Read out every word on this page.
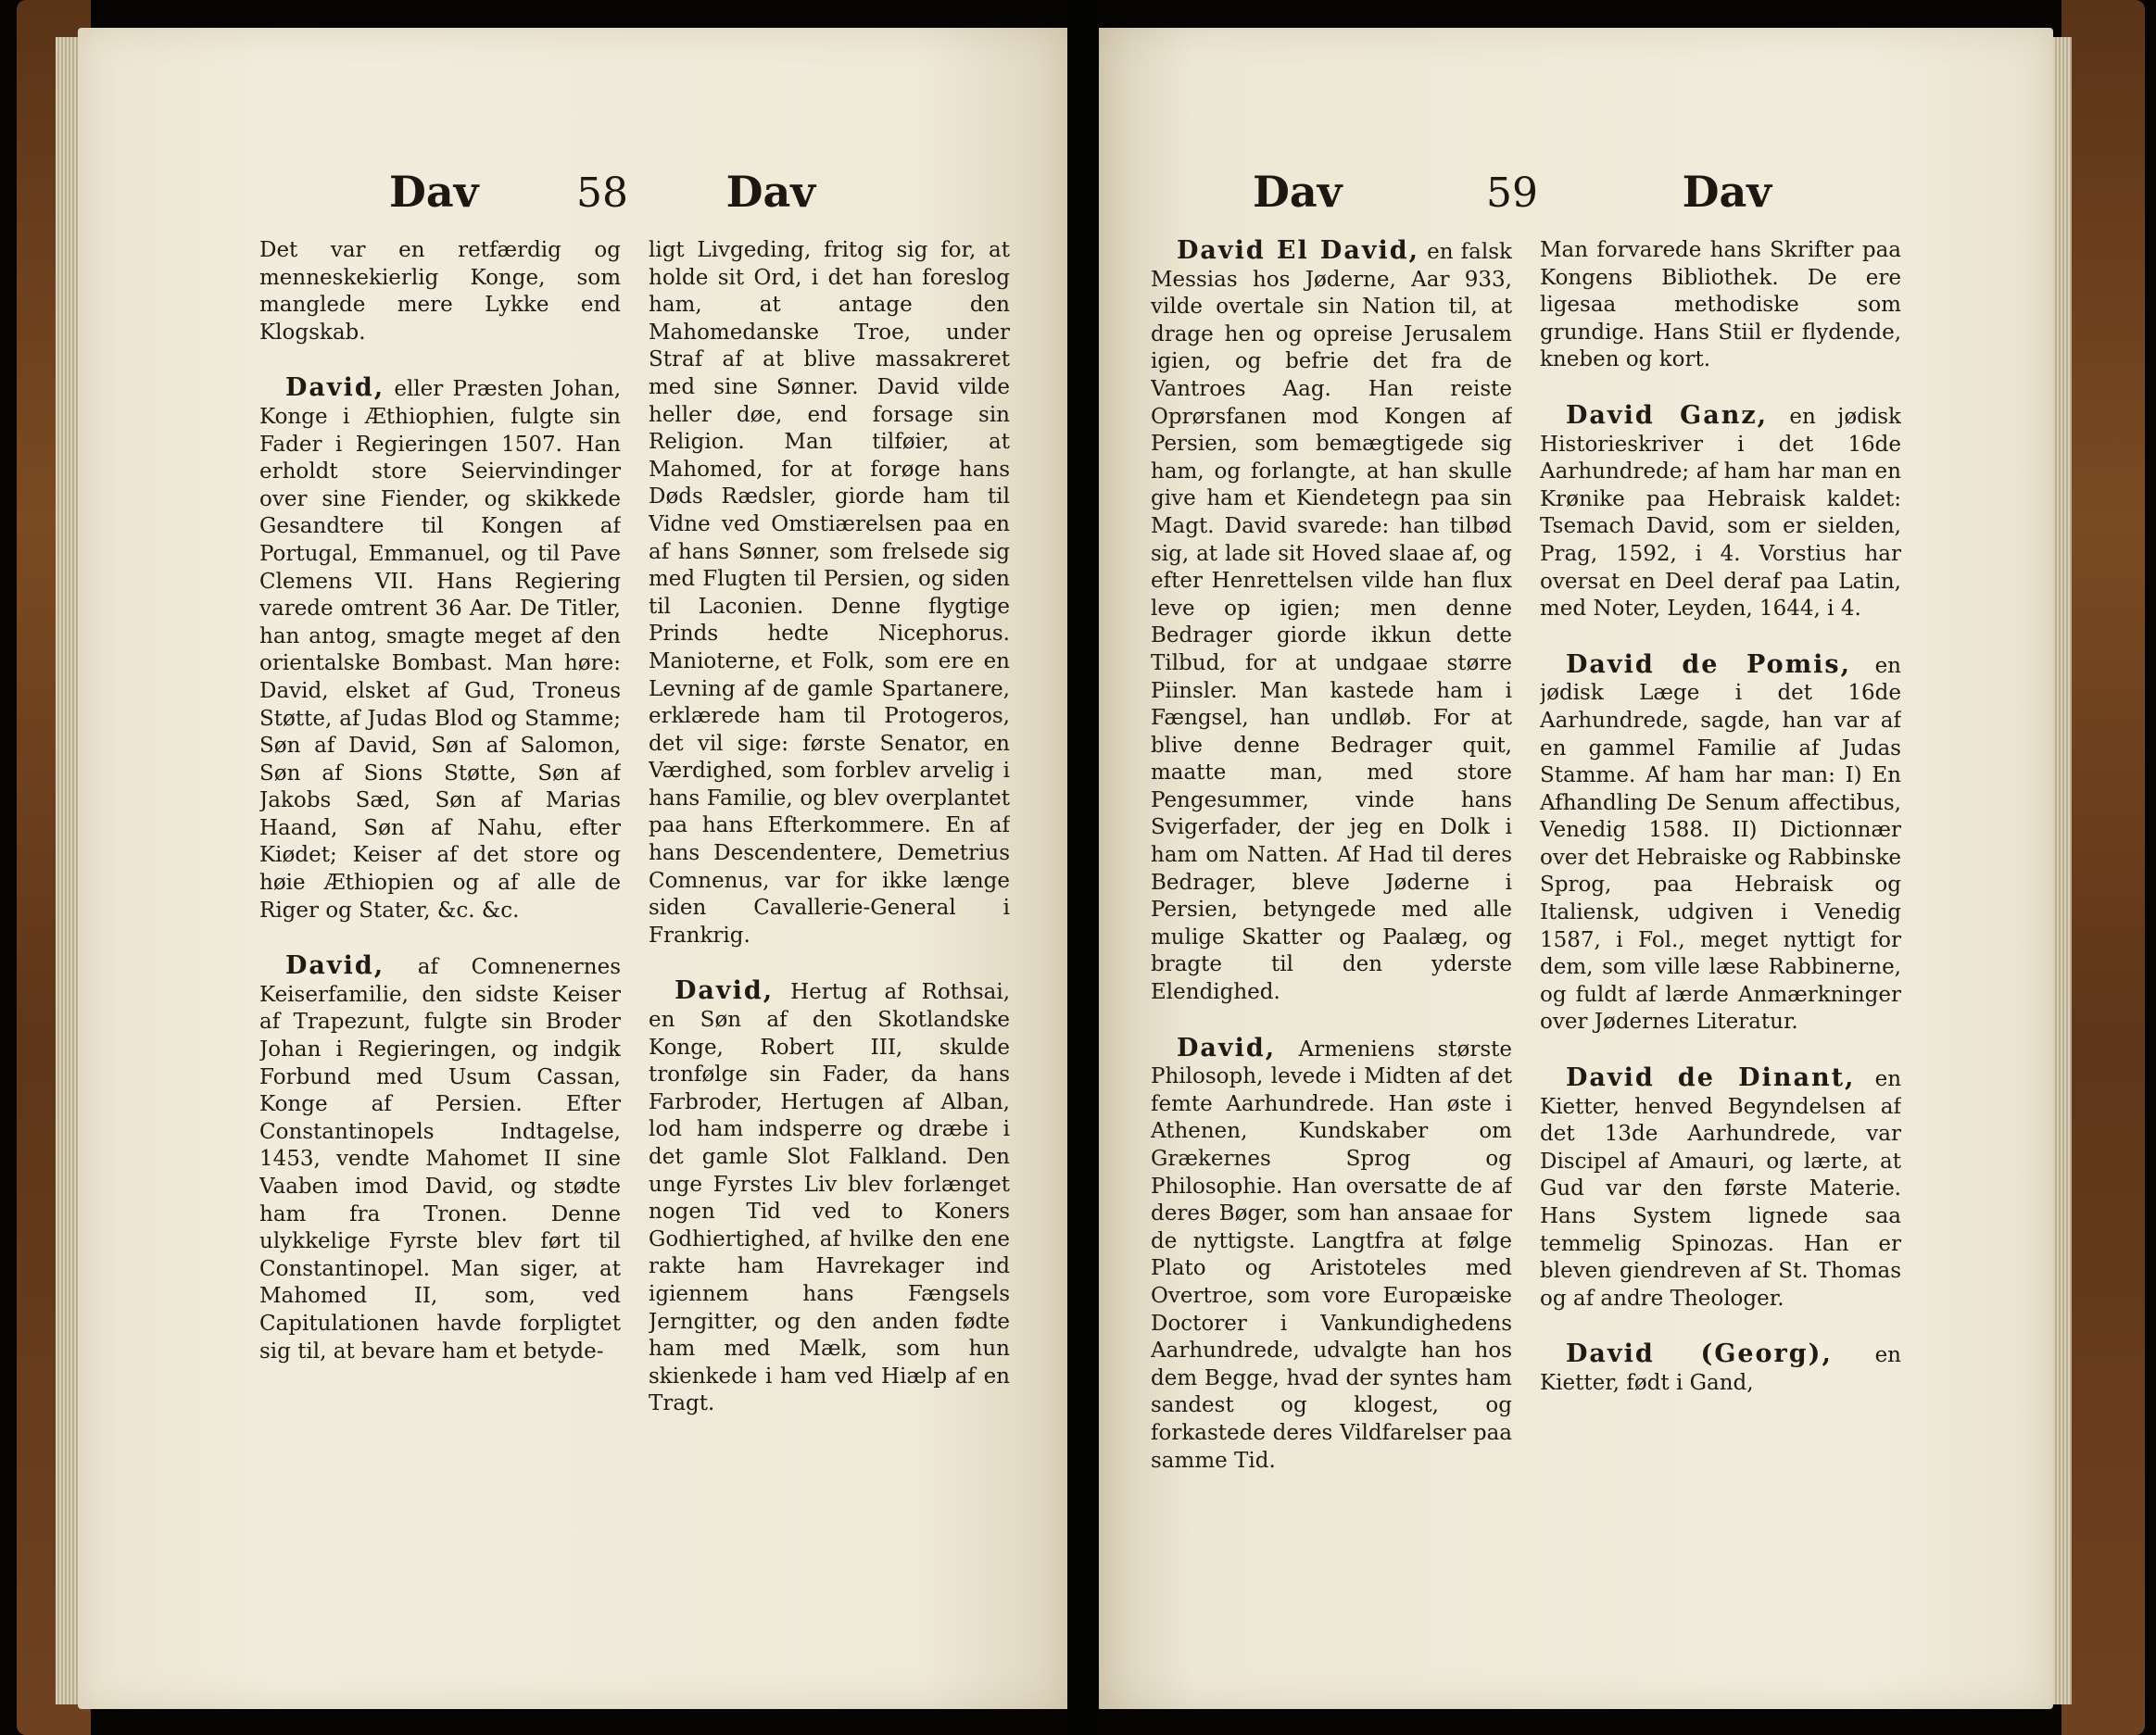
Dav 58 Dav

Det var en retfærdig og menneskekierlig Konge, som manglede mere Lykke end Klogskab.

David, eller Præsten Johan, Konge i Æthiophien, fulgte sin Fader i Regieringen 1507. Han erholdt store Seiervindinger over sine Fiender, og skikkede Gesandtere til Kongen af Portugal, Emmanuel, og til Pave Clemens VII. Hans Regiering varede omtrent 36 Aar. De Titler, han antog, smagte meget af den orientalske Bombast. Man høre: David, elsket af Gud, Troneus Støtte, af Judas Blod og Stamme; Søn af David, Søn af Salomon, Søn af Sions Støtte, Søn af Jakobs Sæd, Søn af Marias Haand, Søn af Nahu, efter Kiødet; Keiser af det store og høie Æthiopien og af alle de Riger og Stater, &c. &c.

David, af Comnenernes Keiserfamilie, den sidste Keiser af Trapezunt, fulgte sin Broder Johan i Regieringen, og indgik Forbund med Usum Cassan, Konge af Persien. Efter Constantinopels Indtagelse, 1453, vendte Mahomet II sine Vaaben imod David, og stødte ham fra Tronen. Denne ulykkelige Fyrste blev ført til Constantinopel. Man siger, at Mahomed II, som, ved Capitulationen havde forpligtet sig til, at bevare ham et betyde-

ligt Livgeding, fritog sig for, at holde sit Ord, i det han foreslog ham, at antage den Mahomedanske Troe, under Straf af at blive massakreret med sine Sønner. David vilde heller døe, end forsage sin Religion. Man tilføier, at Mahomed, for at forøge hans Døds Rædsler, giorde ham til Vidne ved Omstiærelsen paa en af hans Sønner, som frelsede sig med Flugten til Persien, og siden til Laconien. Denne flygtige Prinds hedte Nicephorus. Manioterne, et Folk, som ere en Levning af de gamle Spartanere, erklærede ham til Protogeros, det vil sige: første Senator, en Værdighed, som forblev arvelig i hans Familie, og blev overplantet paa hans Efterkommere. En af hans Descendentere, Demetrius Comnenus, var for ikke længe siden Cavallerie-General i Frankrig.

David, Hertug af Rothsai, en Søn af den Skotlandske Konge, Robert III, skulde tronfølge sin Fader, da hans Farbroder, Hertugen af Alban, lod ham indsperre og dræbe i det gamle Slot Falkland. Den unge Fyrstes Liv blev forlænget nogen Tid ved to Koners Godhiertighed, af hvilke den ene rakte ham Havrekager ind igiennem hans Fængsels Jerngitter, og den anden fødte ham med Mælk, som hun skienkede i ham ved Hiælp af en Tragt.

Dav	59	Dav

David El David, en falsk Messias hos Jøderne, Aar 933, vilde overtale sin Nation til, at drage hen og opreise Jerusalem igien, og befrie det fra de Vantroes Aag. Han reiste Oprørsfanen mod Kongen af Persien, som bemægtigede sig ham, og forlangte, at han skulle give ham et Kiendetegn paa sin Magt. David svarede: han tilbød sig, at lade sit Hoved slaae af, og efter Henrettelsen vilde han flux leve op igien; men denne Bedrager giorde ikkun dette Tilbud, for at undgaae større Piinsler. Man kastede ham i Fængsel, han undløb. For at blive denne Bedrager quit, maatte man, med store Pengesummer, vinde hans Svigerfader, der jeg en Dolk i ham om Natten. Af Had til deres Bedrager, bleve Jøderne i Persien, betyngede med alle mulige Skatter og Paalæg, og bragte til den yderste Elendighed.

David, Armeniens største Philosoph, levede i Midten af det femte Aarhundrede. Han øste i Athenen, Kundskaber om Grækernes Sprog og Philosophie. Han oversatte de af deres Bøger, som han ansaae for de nyttigste. Langtfra at følge Plato og Aristoteles med Overtroe, som vore Europæiske Doctorer i Vankundighedens Aarhundrede, udvalgte han hos dem Begge, hvad der syntes ham sandest og klogest, og forkastede deres Vildfarelser paa samme Tid.

Man forvarede hans Skrifter paa Kongens Bibliothek. De ere ligesaa methodiske som grundige. Hans Stiil er flydende, kneben og kort.

David Ganz, en jødisk Historieskriver i det 16de Aarhundrede; af ham har man en Krønike paa Hebraisk kaldet: Tsemach David, som er sielden, Prag, 1592, i 4. Vorstius har oversat en Deel deraf paa Latin, med Noter, Leyden, 1644, i 4.

David de Pomis, en jødisk Læge i det 16de Aarhundrede, sagde, han var af en gammel Familie af Judas Stamme. Af ham har man: I) En Afhandling De Senum affectibus, Venedig 1588. II) Dictionnær over det Hebraiske og Rabbinske Sprog, paa Hebraisk og Italiensk, udgiven i Venedig 1587, i Fol., meget nyttigt for dem, som ville læse Rabbinerne, og fuldt af lærde Anmærkninger over Jødernes Literatur.

David de Dinant, en Kietter, henved Begyndelsen af det 13de Aarhundrede, var Discipel af Amauri, og lærte, at Gud var den første Materie. Hans System lignede saa temmelig Spinozas. Han er bleven giendreven af St. Thomas og af andre Theologer.

David (Georg), en Kietter, født i Gand,
